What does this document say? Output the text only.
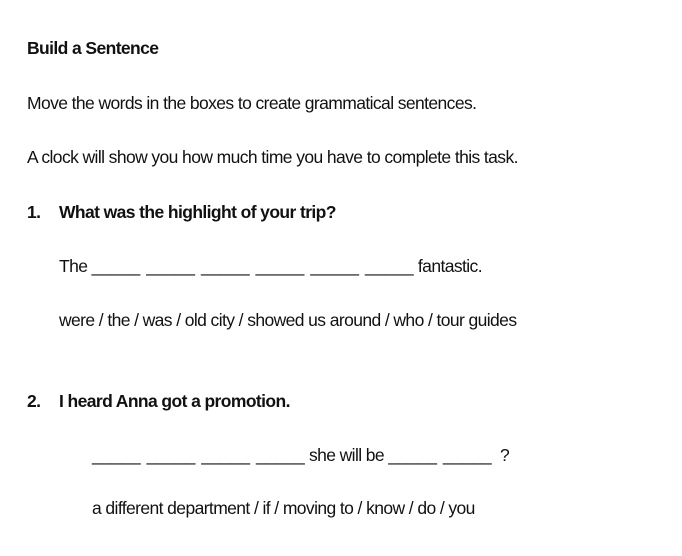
Build a Sentence
Move the words in the boxes to create grammatical sentences.
A clock will show you how much time you have to complete this task.
1. What was the highlight of your trip?
The _____ _____ _____ _____ _____ _____ fantastic.
were / the / was / old city / showed us around / who / tour guides
2. I heard Anna got a promotion.
_____ _____ _____ _____ she will be _____ _____ ?
a different department / if / moving to / know / do / you
